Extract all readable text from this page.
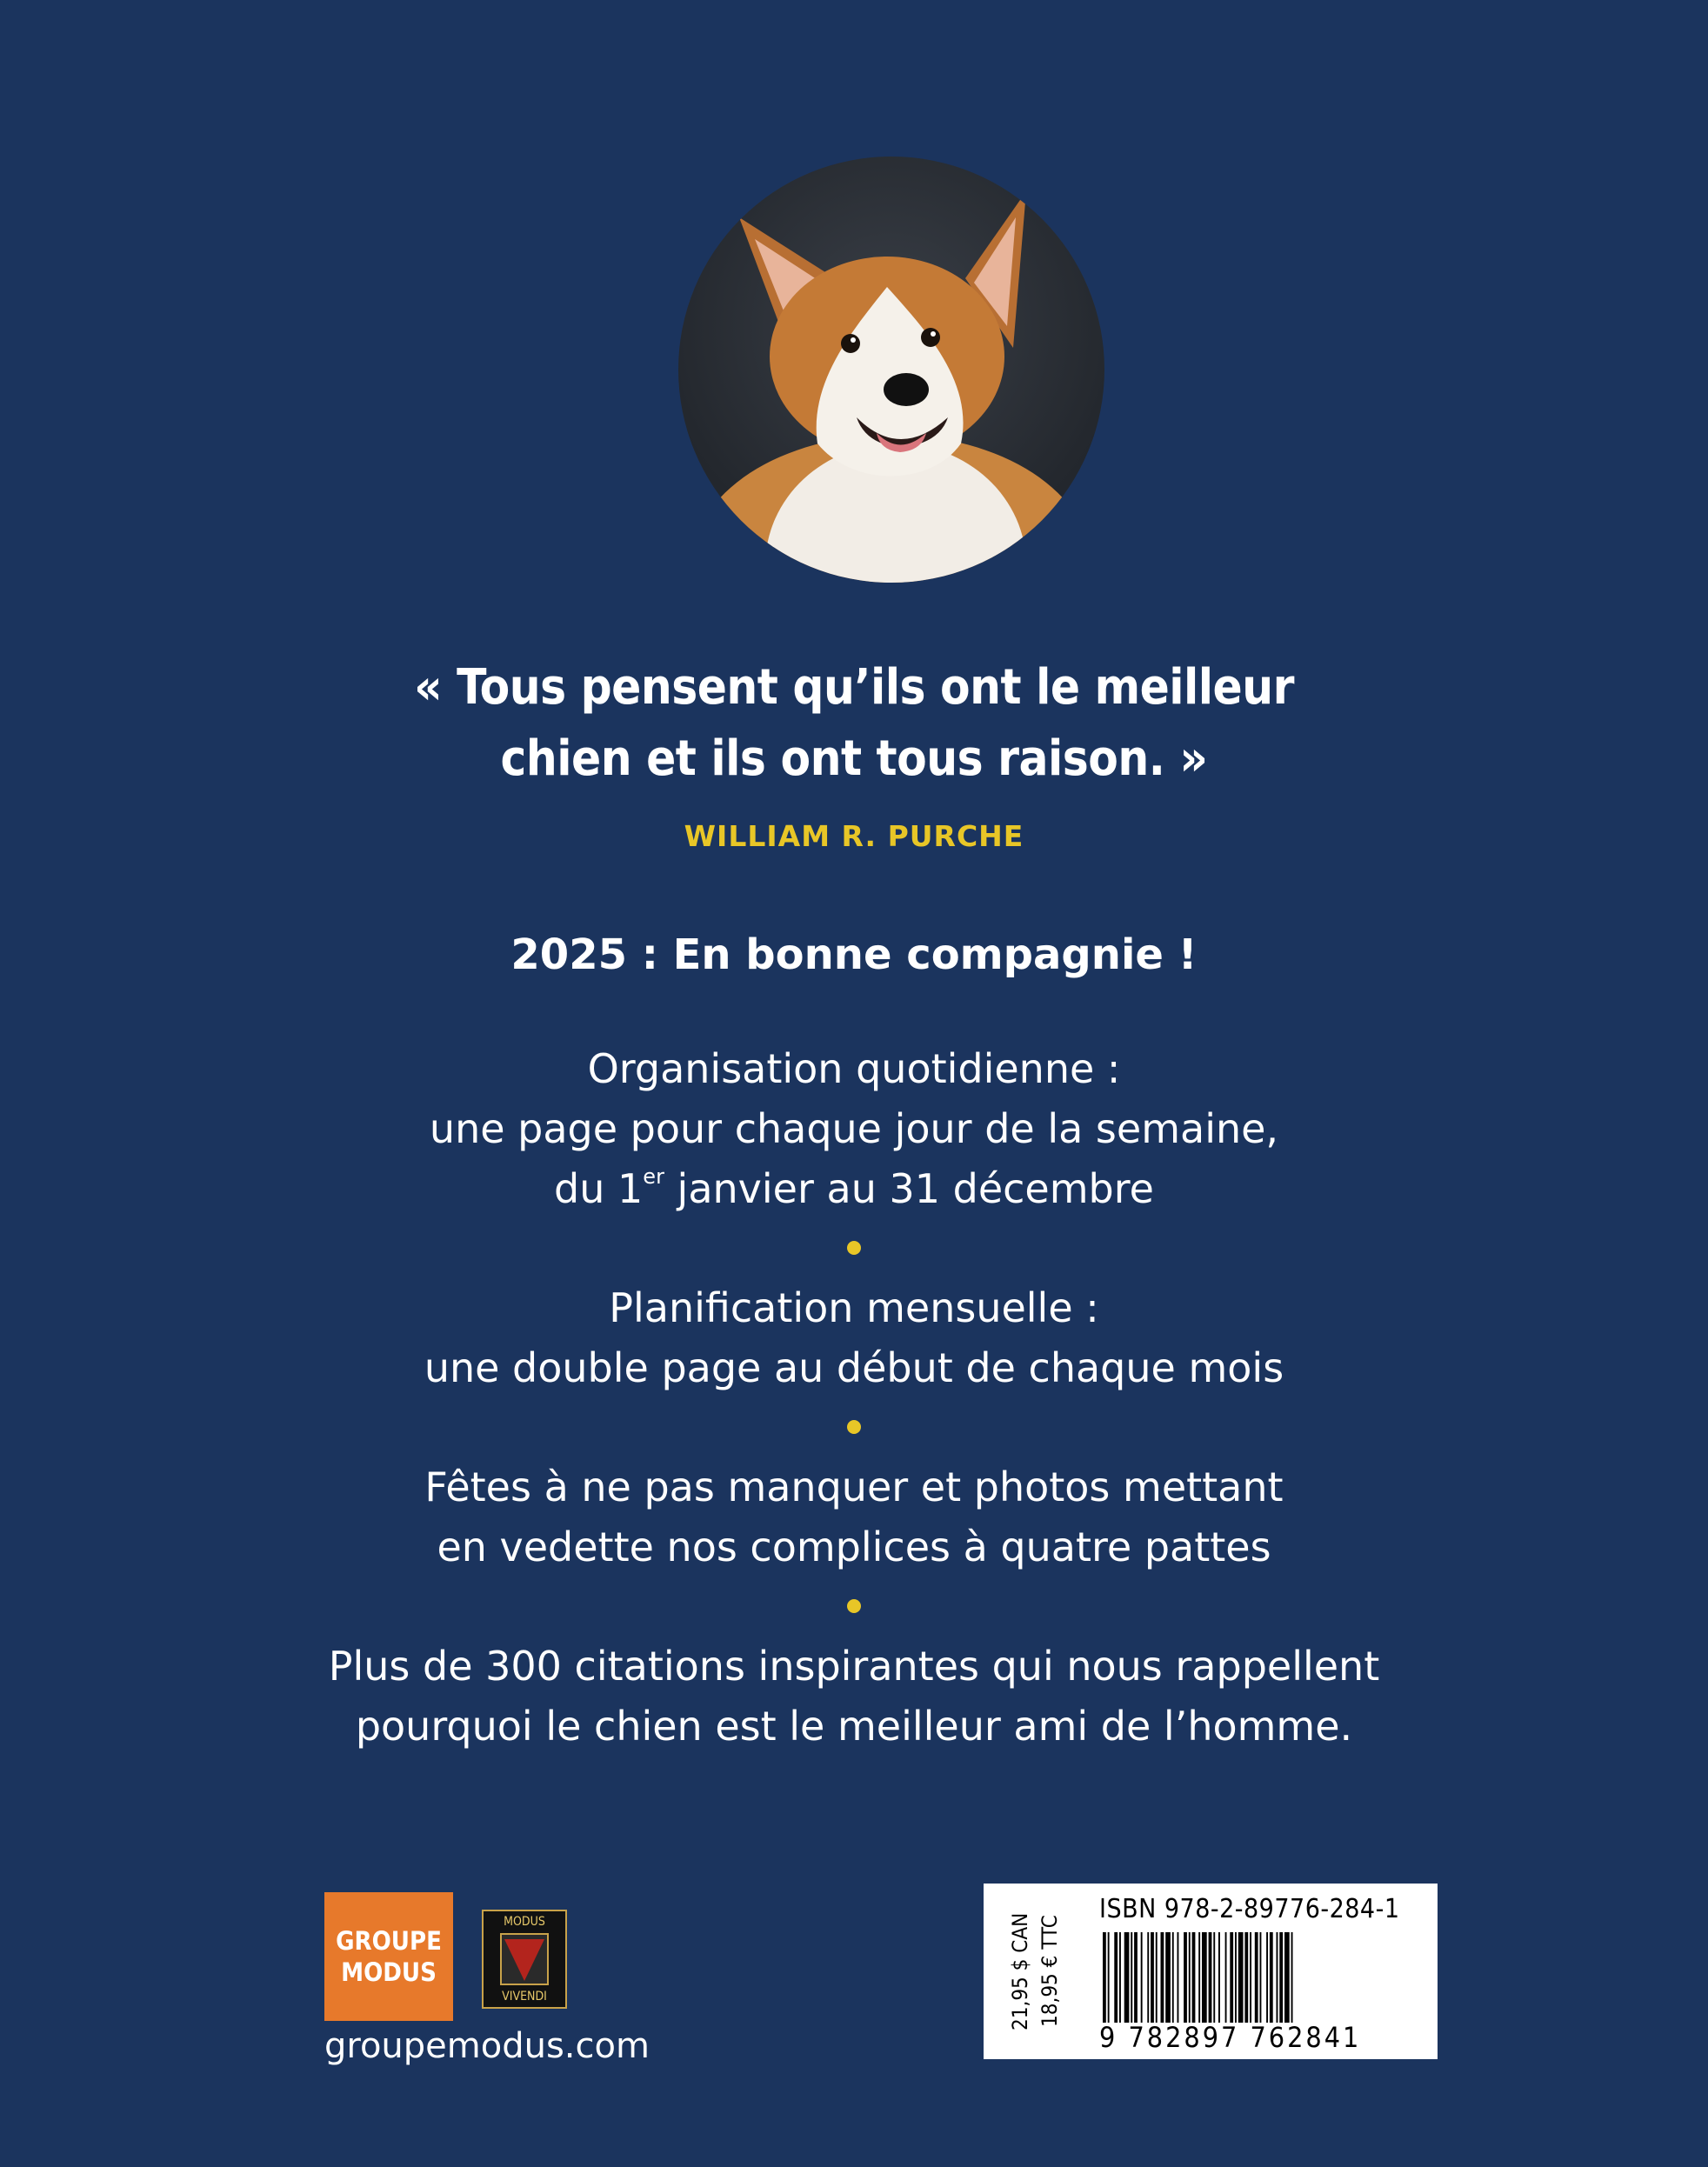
« Tous pensent qu’ils ont le meilleur
chien et ils ont tous raison. »
WILLIAM R. PURCHE
2025 : En bonne compagnie !
Organisation quotidienne :
une page pour chaque jour de la semaine,
du 1er janvier au 31 décembre
Planification mensuelle :
une double page au début de chaque mois
Fêtes à ne pas manquer et photos mettant
en vedette nos complices à quatre pattes
Plus de 300 citations inspirantes qui nous rappellent
pourquoi le chien est le meilleur ami de l’homme.
GROUPE
MODUS
MODUS
VIVENDI
groupemodus.com
21,95 $ CAN 18,95 € TTC
ISBN 978-2-89776-284-1
9 782897 762841
